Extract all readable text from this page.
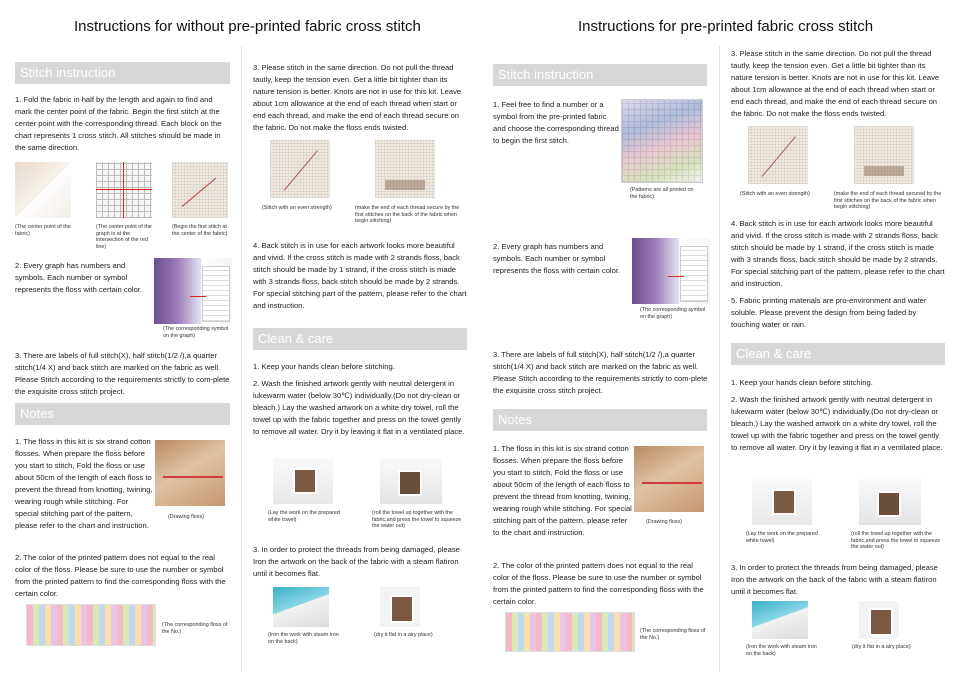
Instructions for without pre-printed fabric cross stitch	Instructions for pre-printed fabric cross stitch
Stitch instruction
1. Fold the fabric in half by the length and again to find and mark the center point of the fabric. Begin the first stitch at the center point with the corresponding thread. Each block on the chart represents 1 cross stitch. All stitches should be made in the same direction.
(The center point of the fabric)
(The center point of the graph is at the intersection of the red line)
(Begin the first stitch at the center of the fabric)
2. Every graph has numbers and symbols. Each number or symbol represents the floss with certain color.
(The corresponding symbol on the graph)
3. There are labels of full stitch(X), half stitch(1/2 /),a quarter stitch(1/4 X) and back stitch are marked on the fabric as well. Please Stitch according to the requirements strictly to com-plete the exquisite cross stitch project.
Notes
1. The floss in this kit is six strand cotton flosses. When prepare the floss before you start to stitch, Fold the floss or use about 50cm of the length of each floss to prevent the thread from knotting, twining, wearing rough while stitching. For special stitching part of the pattern, please refer to the chart and instruction.
(Drawing floss)
2. The color of the printed pattern does not equal to the real color of the floss. Please be sure to use the number or symbol from the printed pattern to find the corresponding floss with the certain color.
(The corresponding floss of the No.)
3. Please stitch in the same direction. Do not pull the thread tautly, keep the tension even. Get a little bit tighter than its nature tension is better. Knots are not in use for this kit. Leave about 1cm allowance at the end of each thread when start or end each thread, and make the end of each thread secure on the fabric. Do not make the floss ends twisted.
(Stitch with an even strength)	(make the end of each thread secure by the first stitches on the back of the fabric when begin stitching)
4. Back stitch is in use for each artwork looks more beautiful and vivid. If the cross stitch is made with 2 strands floss, back stitch should be made by 1 strand, if the cross stitch is made with 3 strands floss, back stitch should be made by 2 strands. For special stitching part of the pattern, please refer to the chart and instruction.
Clean & care
1. Keep your hands clean before stitching.
2. Wash the finished artwork gently with neutral detergent in lukewarm water (below 30℃) individually.(Do not dry-clean or bleach.) Lay the washed artwork on a white dry towel, roll the towel up with the fabric together and press on the towel gently to remove all water. Dry it by leaving it flat in a ventilated place.
(Lay the work on the prepared white towel)
(roll the towel up together with the fabric,and press the towel to squeeze the water out)
3. In order to protect the threads from being damaged, please Iron the artwork on the back of the fabric with a steam flatiron until it becomes flat.
(Iron the work with steam iron on the back)
(dry it flat in a airy place)
Stitch instruction
1. Feel free to find a number or a symbol from the pre-printed fabric and choose the corresponding thread to begin the first stitch.
(Patterns are all printed on the fabric)
2. Every graph has numbers and symbols. Each number or symbol represents the floss with certain color.
(The corresponding symbol on the graph)
3. There are labels of full stitch(X), half stitch(1/2 /),a quarter stitch(1/4 X) and back stitch are marked on the fabric as well. Please Stitch according to the requirements strictly to com-plete the exquisite cross stitch project.
Notes
1. The floss in this kit is six strand cotton flosses. When prepare the floss before you start to stitch, Fold the floss or use about 50cm of the length of each floss to prevent the thread from knotting, twining, wearing rough while stitching. For special stitching part of the pattern, please refer to the chart and instruction.
(Drawing floss)
2. The color of the printed pattern does not equal to the real color of the floss. Please be sure to use the number or symbol from the printed pattern to find the corresponding floss with the certain color.
(The corresponding floss of the No.)
3. Please stitch in the same direction. Do not pull the thread tautly, keep the tension even. Get a little bit tighter than its nature tension is better. Knots are not in use for this kit. Leave about 1cm allowance at the end of each thread when start or end each thread, and make the end of each thread secure on the fabric. Do not make the floss ends twisted.
(Stitch with an even strength)	(make the end of each thread secured by the first stitches on the back of the fabric when begin stitching)
4. Back stitch is in use for each artwork looks more beautiful and vivid. If the cross stitch is made with 2 strands floss, back stitch should be made by 1 strand, if the cross stitch is made with 3 strands floss, back stitch should be made by 2 strands. For special stitching part of the pattern, please refer to the chart and instruction.
5. Fabric printing materials are pro-environment and water soluble. Please prevent the design from being faded by touching water or rain.
Clean & care
1. Keep your hands clean before stitching.
2. Wash the finished artwork gently with neutral detergent in lukewarm water (below 30℃) individually.(Do not dry-clean or bleach.) Lay the washed artwork on a white dry towel, roll the towel up with the fabric together and press on the towel gently to remove all water. Dry it by leaving it flat in a ventilated place.
(Lay the work on the prepared white towel)
(roll the towel up together with the fabric,and press the towel to squeeze the water out)
3. In order to protect the threads from being damaged, please Iron the artwork on the back of the fabric with a steam flatiron until it becomes flat.
(Iron the work with steam iron on the back)
(dry it flat in a airy place)
